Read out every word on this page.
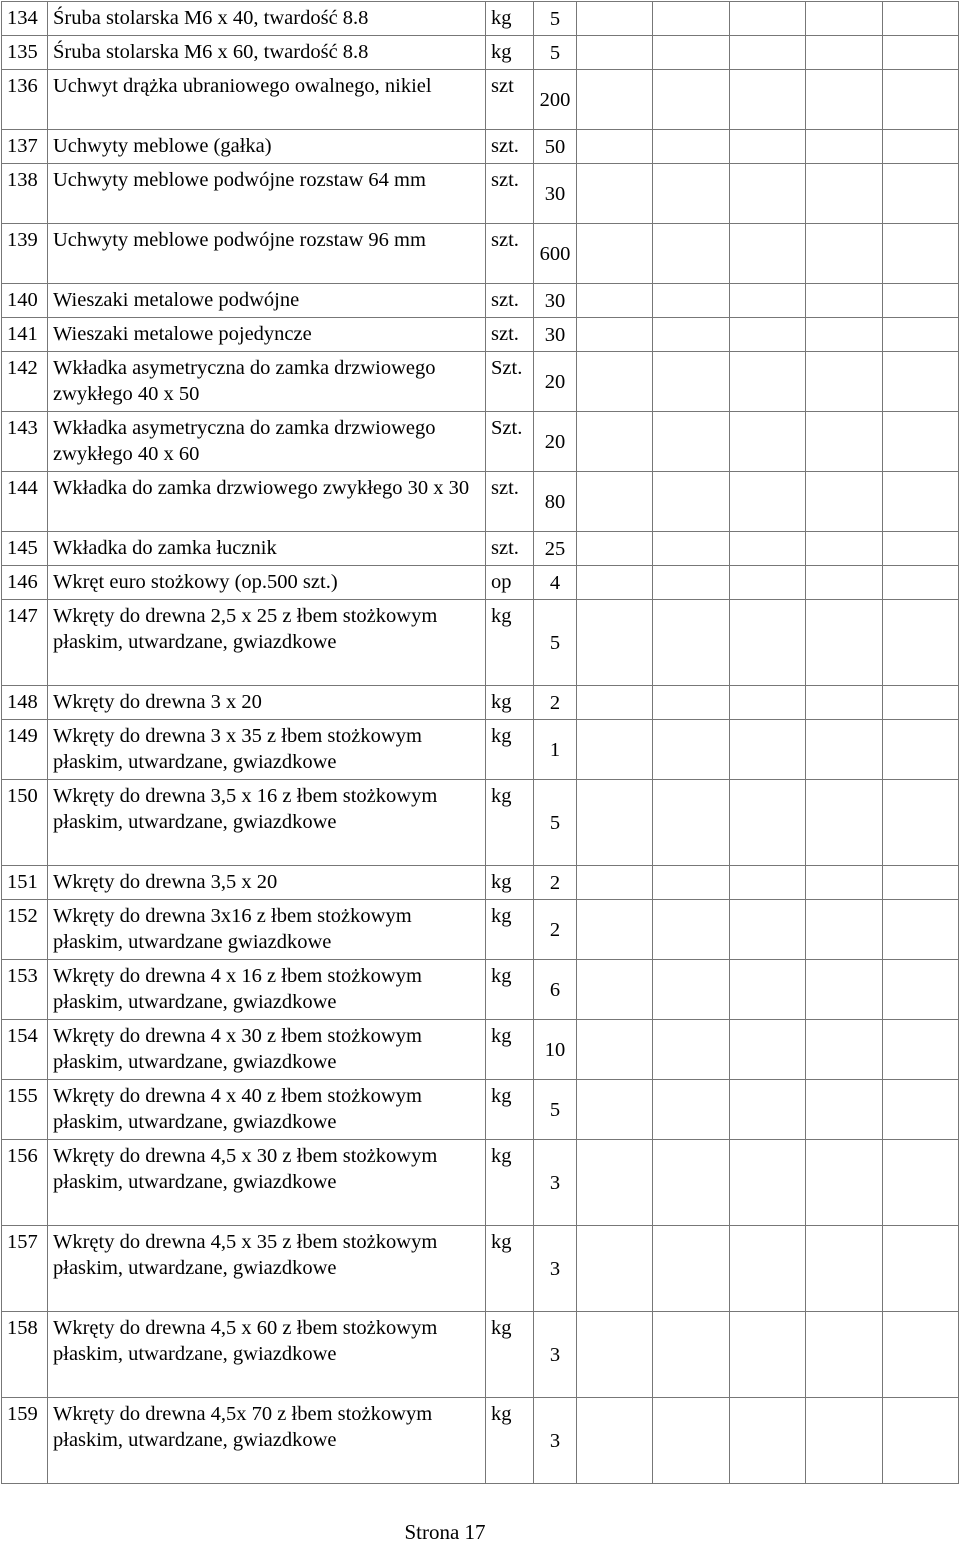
134	Śruba stolarska M6 x 40, twardość 8.8	kg	5					
135	Śruba stolarska M6 x 60, twardość 8.8	kg	5					
136	Uchwyt drążka ubraniowego owalnego, nikiel	szt	200					
137	Uchwyty meblowe (gałka)	szt.	50					
138	Uchwyty meblowe podwójne rozstaw 64 mm	szt.	30					
139	Uchwyty meblowe podwójne rozstaw 96 mm	szt.	600					
140	Wieszaki metalowe podwójne	szt.	30					
141	Wieszaki metalowe pojedyncze	szt.	30					
142	Wkładka asymetryczna do zamka drzwiowego zwykłego 40 x 50	Szt.	20					
143	Wkładka asymetryczna do zamka drzwiowego zwykłego 40 x 60	Szt.	20					
144	Wkładka do zamka drzwiowego zwykłego 30 x 30	szt.	80					
145	Wkładka do zamka łucznik	szt.	25					
146	Wkręt euro stożkowy (op.500 szt.)	op	4					
147	Wkręty do drewna 2,5 x 25 z łbem stożkowym płaskim, utwardzane, gwiazdkowe	kg	5					
148	Wkręty do drewna 3 x 20	kg	2					
149	Wkręty do drewna 3 x 35 z łbem stożkowym płaskim, utwardzane, gwiazdkowe	kg	1					
150	Wkręty do drewna 3,5 x 16 z łbem stożkowym płaskim, utwardzane, gwiazdkowe	kg	5					
151	Wkręty do drewna 3,5 x 20	kg	2					
152	Wkręty do drewna 3x16 z łbem stożkowym płaskim, utwardzane gwiazdkowe	kg	2					
153	Wkręty do drewna 4 x 16 z łbem stożkowym płaskim, utwardzane, gwiazdkowe	kg	6					
154	Wkręty do drewna 4 x 30 z łbem stożkowym płaskim, utwardzane, gwiazdkowe	kg	10					
155	Wkręty do drewna 4 x 40 z łbem stożkowym płaskim, utwardzane, gwiazdkowe	kg	5					
156	Wkręty do drewna 4,5 x 30 z łbem stożkowym płaskim, utwardzane, gwiazdkowe	kg	3					
157	Wkręty do drewna 4,5 x 35 z łbem stożkowym płaskim, utwardzane, gwiazdkowe	kg	3					
158	Wkręty do drewna 4,5 x 60 z łbem stożkowym płaskim, utwardzane, gwiazdkowe	kg	3					
159	Wkręty do drewna 4,5x 70 z łbem stożkowym płaskim, utwardzane, gwiazdkowe	kg	3					
Strona 17
